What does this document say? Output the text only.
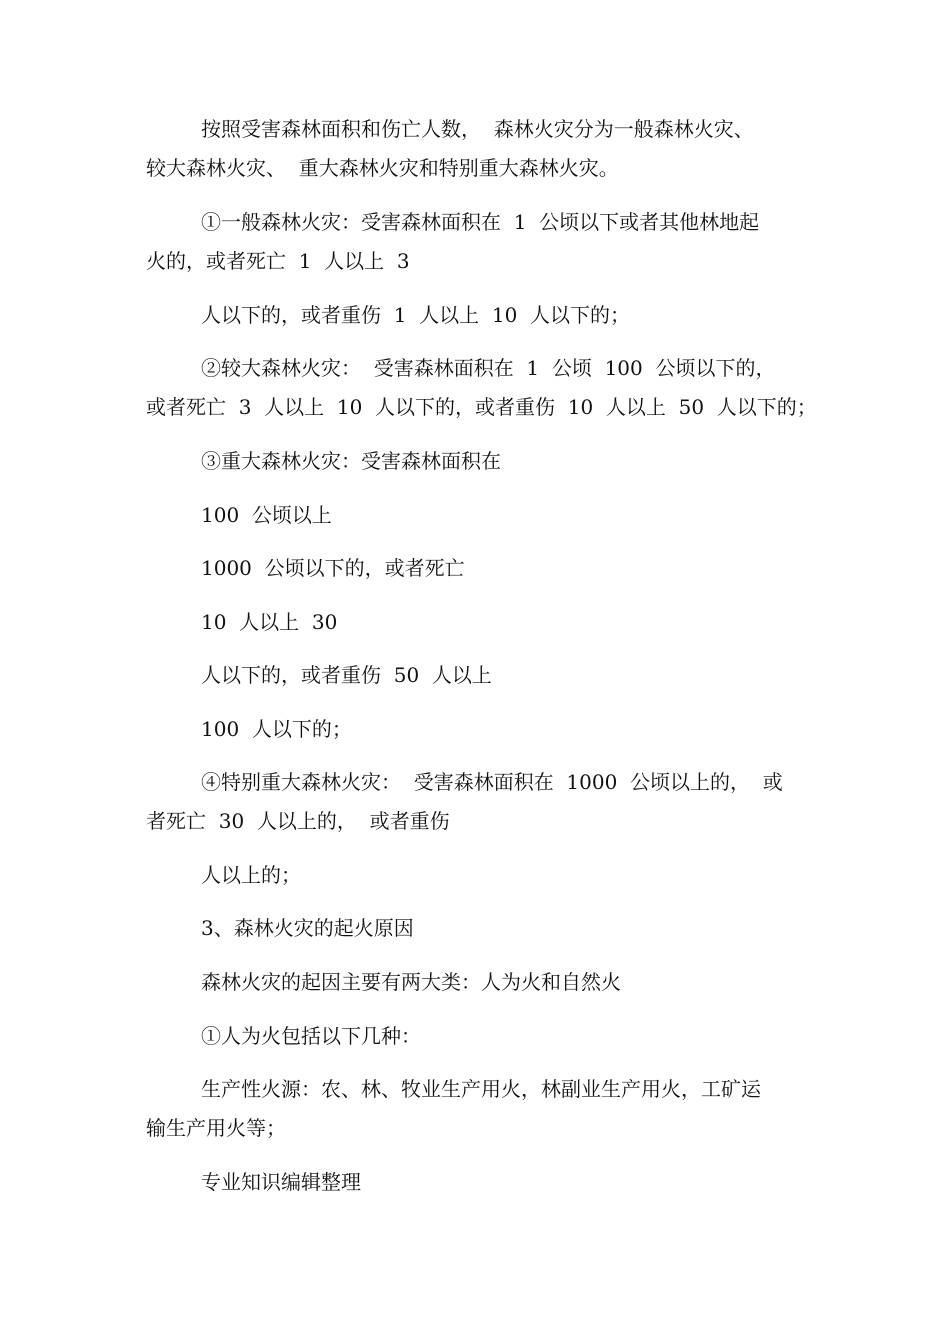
按照受害森林面积和伤亡人数，  森林火灾分为一般森林火灾、

较大森林火灾、  重大森林火灾和特别重大森林火灾。

①一般森林火灾：受害森林面积在  1  公顷以下或者其他林地起

火的，或者死亡  1  人以上  3

人以下的，或者重伤  1  人以上  10  人以下的；

②较大森林火灾：  受害森林面积在  1  公顷  100  公顷以下的，

或者死亡  3  人以上  10  人以下的，或者重伤  10  人以上  50  人以下的；

③重大森林火灾：受害森林面积在

100  公顷以上

1000  公顷以下的，或者死亡

10  人以上  30

人以下的，或者重伤  50  人以上

100  人以下的；

④特别重大森林火灾：  受害森林面积在  1000  公顷以上的，  或

者死亡  30  人以上的，  或者重伤

人以上的；

3、森林火灾的起火原因

森林火灾的起因主要有两大类：人为火和自然火

①人为火包括以下几种：

生产性火源：农、林、牧业生产用火，林副业生产用火，工矿运

输生产用火等；

专业知识编辑整理
